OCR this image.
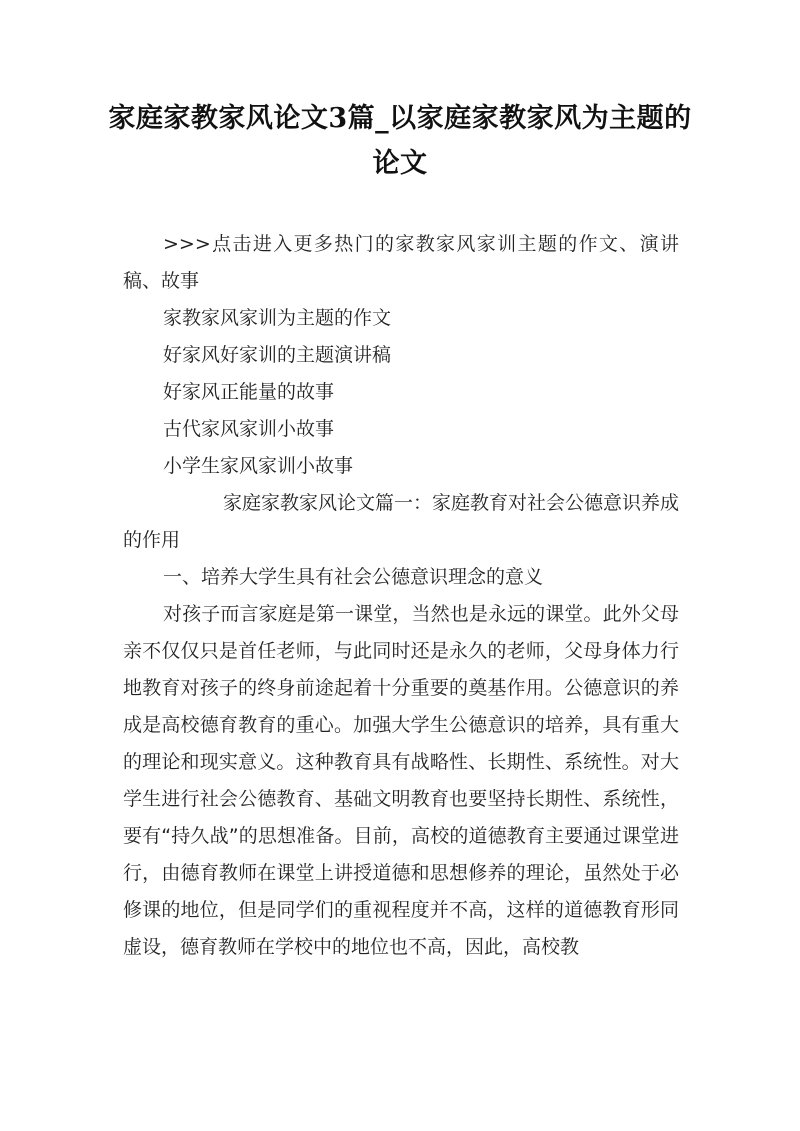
家庭家教家风论文3篇_以家庭家教家风为主题的论文

>>>点击进入更多热门的家教家风家训主题的作文、演讲稿、故事

家教家风家训为主题的作文

好家风好家训的主题演讲稿

好家风正能量的故事

古代家风家训小故事

小学生家风家训小故事

家庭家教家风论文篇一：家庭教育对社会公德意识养成的作用

一、培养大学生具有社会公德意识理念的意义

对孩子而言家庭是第一课堂，当然也是永远的课堂。此外父母亲不仅仅只是首任老师，与此同时还是永久的老师，父母身体力行地教育对孩子的终身前途起着十分重要的奠基作用。公德意识的养成是高校德育教育的重心。加强大学生公德意识的培养，具有重大的理论和现实意义。这种教育具有战略性、长期性、系统性。对大学生进行社会公德教育、基础文明教育也要坚持长期性、系统性，要有“持久战”的思想准备。目前，高校的道德教育主要通过课堂进行，由德育教师在课堂上讲授道德和思想修养的理论，虽然处于必修课的地位，但是同学们的重视程度并不高，这样的道德教育形同虚设，德育教师在学校中的地位也不高，因此，高校教
